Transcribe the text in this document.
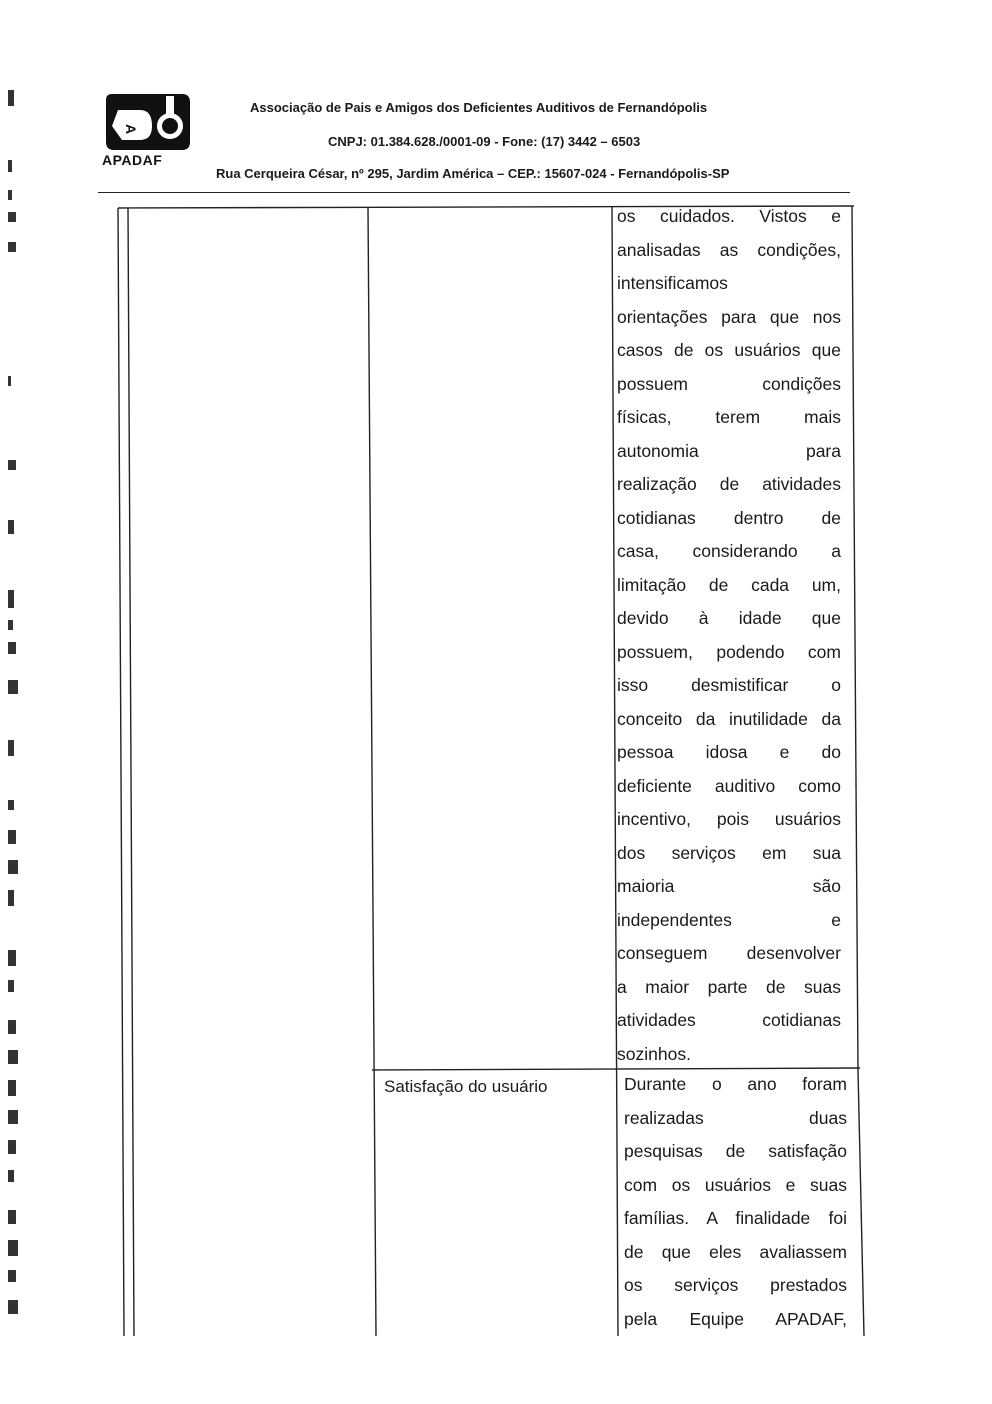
A
APADAF
Associação de Pais e Amigos dos Deficientes Auditivos de Fernandópolis
CNPJ: 01.384.628./0001-09 - Fone: (17) 3442 – 6503
Rua Cerqueira César, nº 295, Jardim América – CEP.: 15607-024 - Fernandópolis-SP
os cuidados. Vistos e
analisadas as condições,
intensificamos
orientações para que nos
casos de os usuários que
possuem condições
físicas, terem mais
autonomia para
realização de atividades
cotidianas dentro de
casa, considerando a
limitação de cada um,
devido à idade que
possuem, podendo com
isso desmistificar o
conceito da inutilidade da
pessoa idosa e do
deficiente auditivo como
incentivo, pois usuários
dos serviços em sua
maioria são
independentes e
conseguem desenvolver
a maior parte de suas
atividades cotidianas
sozinhos.
Satisfação do usuário	Durante o ano foram
realizadas duas
pesquisas de satisfação
com os usuários e suas
famílias. A finalidade foi
de que eles avaliassem
os serviços prestados
pela Equipe APADAF,
